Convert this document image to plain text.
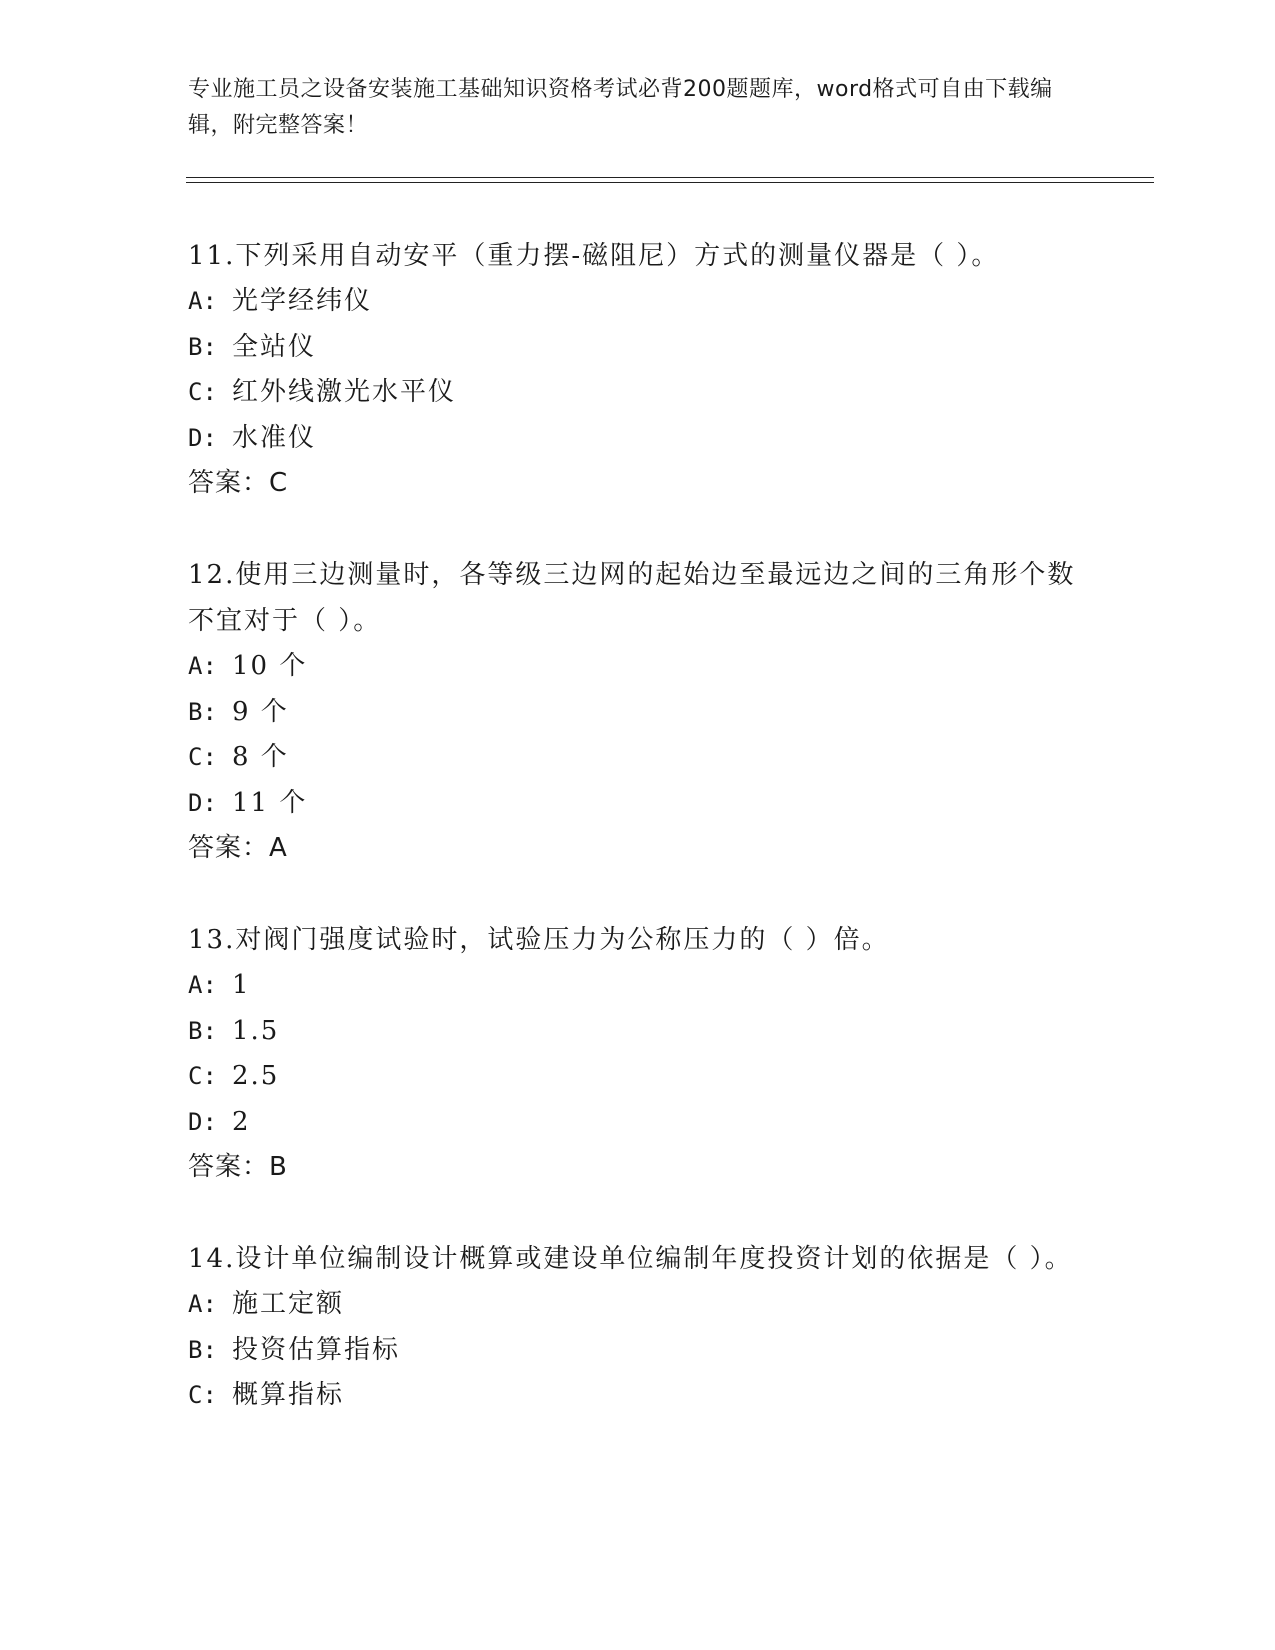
专业施工员之设备安装施工基础知识资格考试必背200题题库，word格式可自由下载编辑，附完整答案！
11.下列采用自动安平（重力摆-磁阻尼）方式的测量仪器是（ ）。
A: 光学经纬仪
B: 全站仪
C: 红外线激光水平仪
D: 水准仪
答案：C
12.使用三边测量时，各等级三边网的起始边至最远边之间的三角形个数不宜对于（ ）。
A: 10 个
B: 9 个
C: 8 个
D: 11 个
答案：A
13.对阀门强度试验时，试验压力为公称压力的（ ）倍。
A: 1
B: 1.5
C: 2.5
D: 2
答案：B
14.设计单位编制设计概算或建设单位编制年度投资计划的依据是（ ）。
A: 施工定额
B: 投资估算指标
C: 概算指标
